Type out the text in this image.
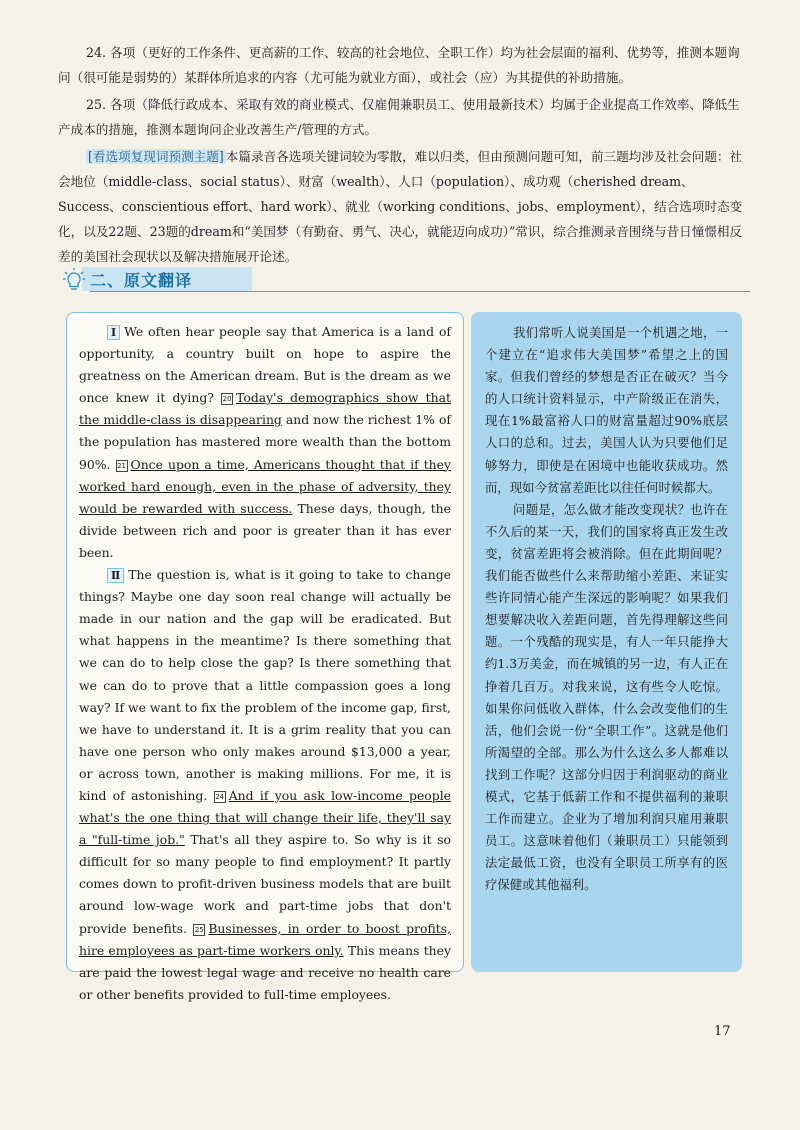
24. 各项（更好的工作条件、更高薪的工作、较高的社会地位、全职工作）均为社会层面的福利、优势等，推测本题询问（很可能是弱势的）某群体所追求的内容（尤可能为就业方面），或社会（应）为其提供的补助措施。

25. 各项（降低行政成本、采取有效的商业模式、仅雇佣兼职员工、使用最新技术）均属于企业提高工作效率、降低生产成本的措施，推测本题询问企业改善生产/管理的方式。

[看选项复现词预测主题] 本篇录音各选项关键词较为零散，难以归类，但由预测问题可知，前三题均涉及社会问题：社会地位（middle-class、social status）、财富（wealth）、人口（population）、成功观（cherished dream、Success、conscientious effort、hard work）、就业（working conditions、jobs、employment），结合选项时态变化，以及22题、23题的dream和“美国梦（有勤奋、勇气、决心，就能迈向成功）”常识，综合推测录音围绕与昔日憧憬相反差的美国社会现状以及解决措施展开论述。

二、原文翻译

Ⅰ We often hear people say that America is a land of opportunity, a country built on hope to aspire the greatness on the American dream. But is the dream as we once knew it dying? 20 Today's demographics show that the middle-class is disappearing and now the richest 1% of the population has mastered more wealth than the bottom 90%. 21 Once upon a time, Americans thought that if they worked hard enough, even in the phase of adversity, they would be rewarded with success. These days, though, the divide between rich and poor is greater than it has ever been.

Ⅱ The question is, what is it going to take to change things? Maybe one day soon real change will actually be made in our nation and the gap will be eradicated. But what happens in the meantime? Is there something that we can do to help close the gap? Is there something that we can do to prove that a little compassion goes a long way? If we want to fix the problem of the income gap, first, we have to understand it. It is a grim reality that you can have one person who only makes around $13,000 a year, or across town, another is making millions. For me, it is kind of astonishing. 24 And if you ask low-income people what's the one thing that will change their life, they'll say a "full-time job." That's all they aspire to. So why is it so difficult for so many people to find employment? It partly comes down to profit-driven business models that are built around low-wage work and part-time jobs that don't provide benefits. 25 Businesses, in order to boost profits, hire employees as part-time workers only. This means they are paid the lowest legal wage and receive no health care or other benefits provided to full-time employees.

我们常听人说美国是一个机遇之地，一个建立在“追求伟大美国梦”希望之上的国家。但我们曾经的梦想是否正在破灭？当今的人口统计资料显示，中产阶级正在消失，现在1%最富裕人口的财富量超过90%底层人口的总和。过去，美国人认为只要他们足够努力，即使是在困境中也能收获成功。然而，现如今贫富差距比以往任何时候都大。

问题是，怎么做才能改变现状？也许在不久后的某一天，我们的国家将真正发生改变，贫富差距将会被消除。但在此期间呢？我们能否做些什么来帮助缩小差距、来证实些许同情心能产生深远的影响呢？如果我们想要解决收入差距问题，首先得理解这些问题。一个残酷的现实是，有人一年只能挣大约1.3万美金，而在城镇的另一边，有人正在挣着几百万。对我来说，这有些令人吃惊。如果你问低收入群体，什么会改变他们的生活，他们会说一份“全职工作”。这就是他们所渴望的全部。那么为什么这么多人都难以找到工作呢？这部分归因于利润驱动的商业模式，它基于低薪工作和不提供福利的兼职工作而建立。企业为了增加利润只雇用兼职员工。这意味着他们（兼职员工）只能领到法定最低工资，也没有全职员工所享有的医疗保健或其他福利。

17
